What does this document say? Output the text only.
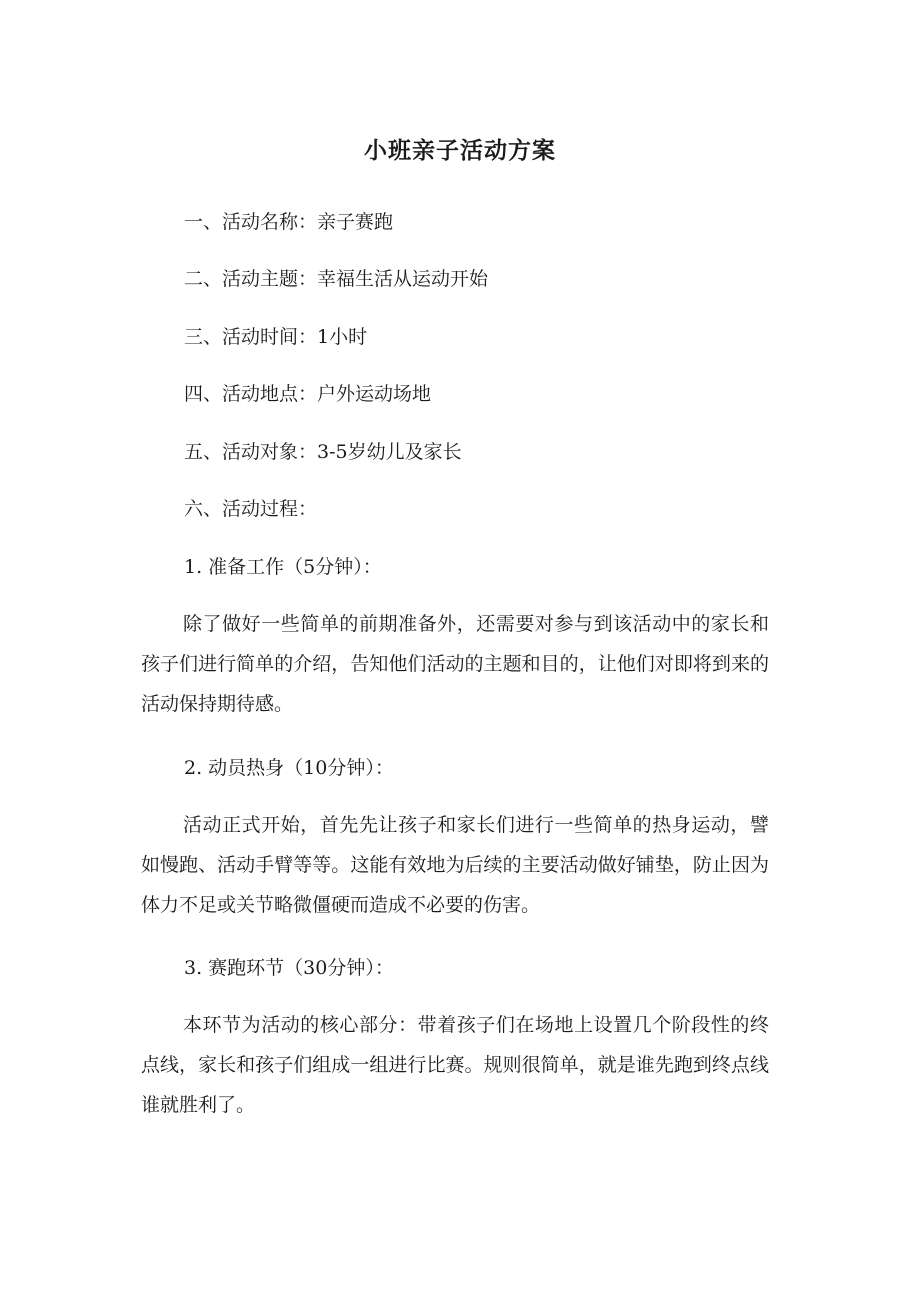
小班亲子活动方案

一、活动名称：亲子赛跑

二、活动主题：幸福生活从运动开始

三、活动时间：1小时

四、活动地点：户外运动场地

五、活动对象：3-5岁幼儿及家长

六、活动过程：

1. 准备工作（5分钟）：

除了做好一些简单的前期准备外，还需要对参与到该活动中的家长和孩子们进行简单的介绍，告知他们活动的主题和目的，让他们对即将到来的活动保持期待感。

2. 动员热身（10分钟）：

活动正式开始，首先先让孩子和家长们进行一些简单的热身运动，譬如慢跑、活动手臂等等。这能有效地为后续的主要活动做好铺垫，防止因为体力不足或关节略微僵硬而造成不必要的伤害。

3. 赛跑环节（30分钟）：

本环节为活动的核心部分：带着孩子们在场地上设置几个阶段性的终点线，家长和孩子们组成一组进行比赛。规则很简单，就是谁先跑到终点线谁就胜利了。
